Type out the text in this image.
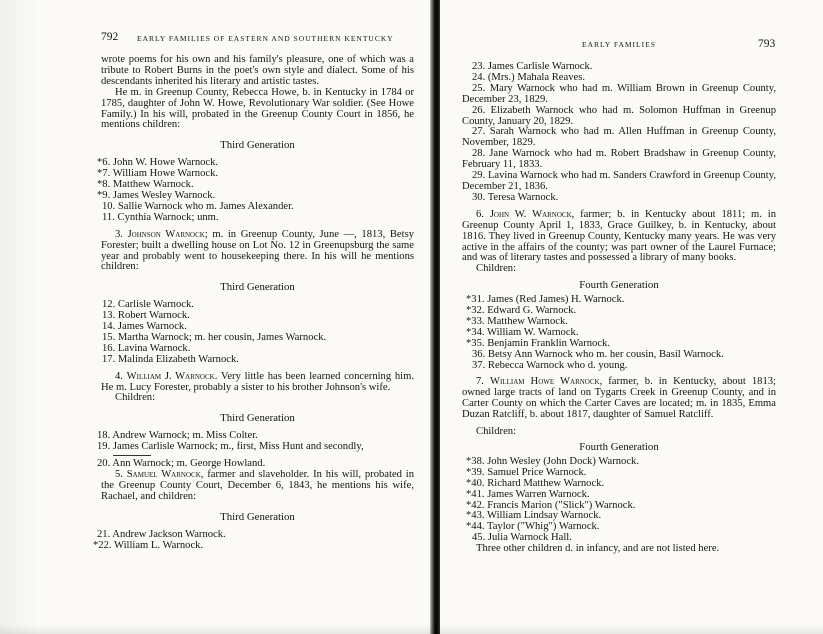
792	EARLY FAMILIES OF EASTERN AND SOUTHERN KENTUCKY

wrote poems for his own and his family's pleasure, one of which was a tribute to Robert Burns in the poet's own style and dialect. Some of his descendants inherited his literary and artistic tastes.

He m. in Greenup County, Rebecca Howe, b. in Kentucky in 1784 or 1785, daughter of John W. Howe, Revolutionary War soldier. (See Howe Family.) In his will, probated in the Greenup County Court in 1856, he mentions children:

Third Generation

*6. John W. Howe Warnock.

*7. William Howe Warnock.

*8. Matthew Warnock.

*9. James Wesley Warnock.

10. Sallie Warnock who m. James Alexander.

11. Cynthia Warnock; unm.

3. Johnson Warnock; m. in Greenup County, June —, 1813, Betsy Forester; built a dwelling house on Lot No. 12 in Greenupsburg the same year and probably went to housekeeping there. In his will he mentions children:

Third Generation

12. Carlisle Warnock.

13. Robert Warnock.

14. James Warnock.

15. Martha Warnock; m. her cousin, James Warnock.

16. Lavina Warnock.

17. Malinda Elizabeth Warnock.

4. William J. Warnock. Very little has been learned concerning him. He m. Lucy Forester, probably a sister to his brother Johnson's wife.

Children:

Third Generation

18. Andrew Warnock; m. Miss Colter.

19. James Carlisle Warnock; m., first, Miss Hunt and secondly,

20. Ann Warnock; m. George Howland.

5. Samuel Warnock, farmer and slaveholder. In his will, probated in the Greenup County Court, December 6, 1843, he mentions his wife, Rachael, and children:

Third Generation

21. Andrew Jackson Warnock.

*22. William L. Warnock.

EARLY FAMILIES	793

23. James Carlisle Warnock.

24. (Mrs.) Mahala Reaves.

25. Mary Warnock who had m. William Brown in Greenup County, December 23, 1829.

26. Elizabeth Warnock who had m. Solomon Huffman in Greenup County, January 20, 1829.

27. Sarah Warnock who had m. Allen Huffman in Greenup County, November, 1829.

28. Jane Warnock who had m. Robert Bradshaw in Greenup County, February 11, 1833.

29. Lavina Warnock who had m. Sanders Crawford in Greenup County, December 21, 1836.

30. Teresa Warnock.

6. John W. Warnock, farmer; b. in Kentucky about 1811; m. in Greenup County April 1, 1833, Grace Guilkey, b. in Kentucky, about 1816. They lived in Greenup County, Kentucky many years. He was very active in the affairs of the county; was part owner of the Laurel Furnace; and was of literary tastes and possessed a library of many books.

Children:

Fourth Generation

*31. James (Red James) H. Warnock.

*32. Edward G. Warnock.

*33. Matthew Warnock.

*34. William W. Warnock.

*35. Benjamin Franklin Warnock.

36. Betsy Ann Warnock who m. her cousin, Basil Warnock.

37. Rebecca Warnock who d. young.

7. William Howe Warnock, farmer, b. in Kentucky, about 1813; owned large tracts of land on Tygarts Creek in Greenup County, and in Carter County on which the Carter Caves are located; m. in 1835, Emma Duzan Ratcliff, b. about 1817, daughter of Samuel Ratcliff.

Children:

Fourth Generation

*38. John Wesley (John Dock) Warnock.

*39. Samuel Price Warnock.

*40. Richard Matthew Warnock.

*41. James Warren Warnock.

*42. Francis Marion ("Slick") Warnock.

*43. William Lindsay Warnock.

*44. Taylor ("Whig") Warnock.

45. Julia Warnock Hall.

Three other children d. in infancy, and are not listed here.
